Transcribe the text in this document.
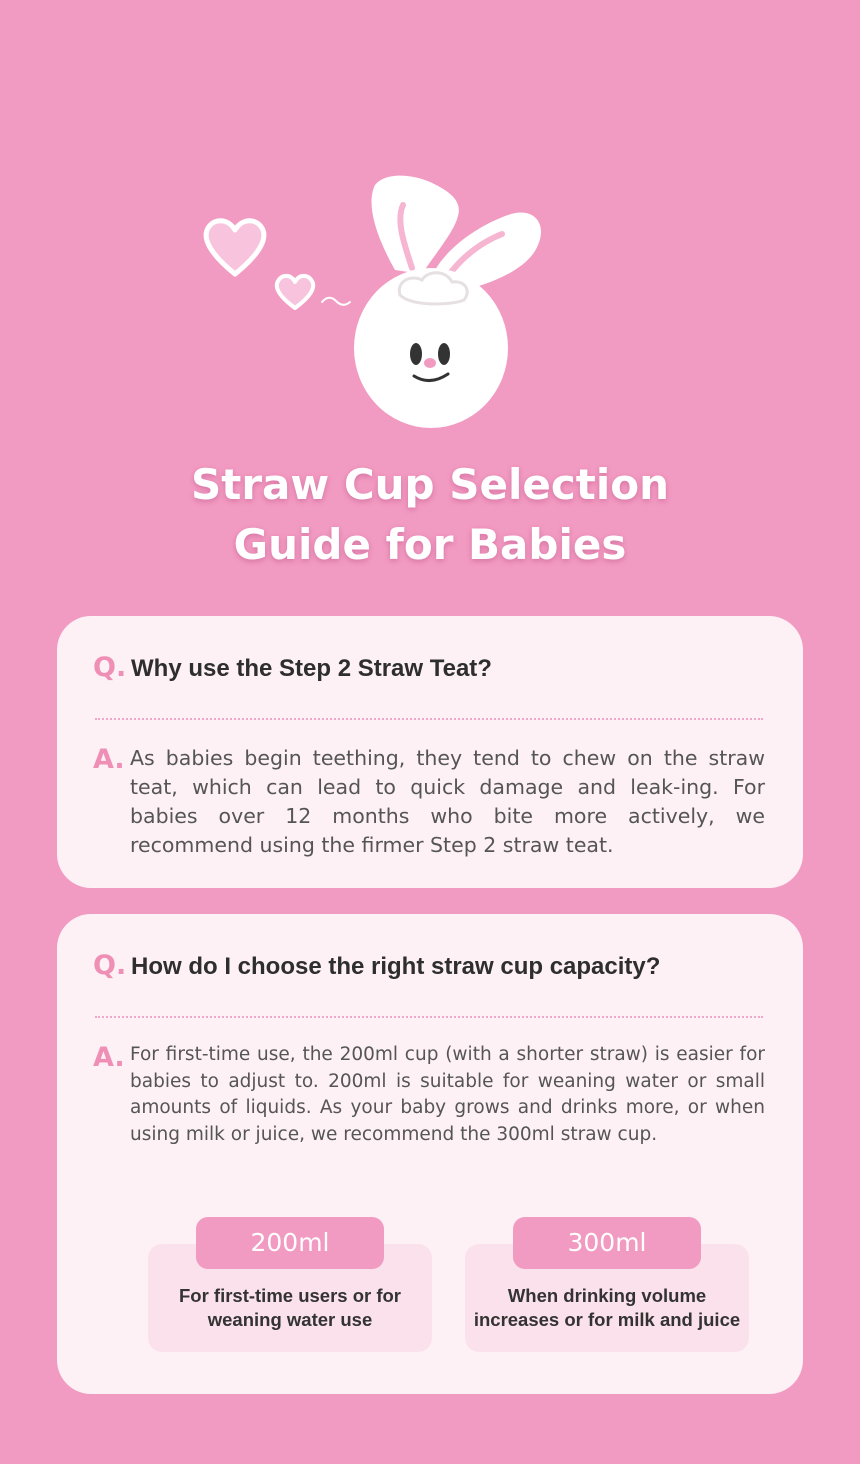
Straw Cup Selection
Guide for Babies
Q. Why use the Step 2 Straw Teat?
A. As babies begin teething, they tend to chew on the straw teat, which can lead to quick damage and leak-ing. For babies over 12 months who bite more actively, we recommend using the firmer Step 2 straw teat.
Q. How do I choose the right straw cup capacity?
A. For first-time use, the 200ml cup (with a shorter straw) is easier for babies to adjust to. 200ml is suitable for weaning water or small amounts of liquids. As your baby grows and drinks more, or when using milk or juice, we recommend the 300ml straw cup.
200ml
For first-time users or for
weaning water use
300ml
When drinking volume
increases or for milk and juice
